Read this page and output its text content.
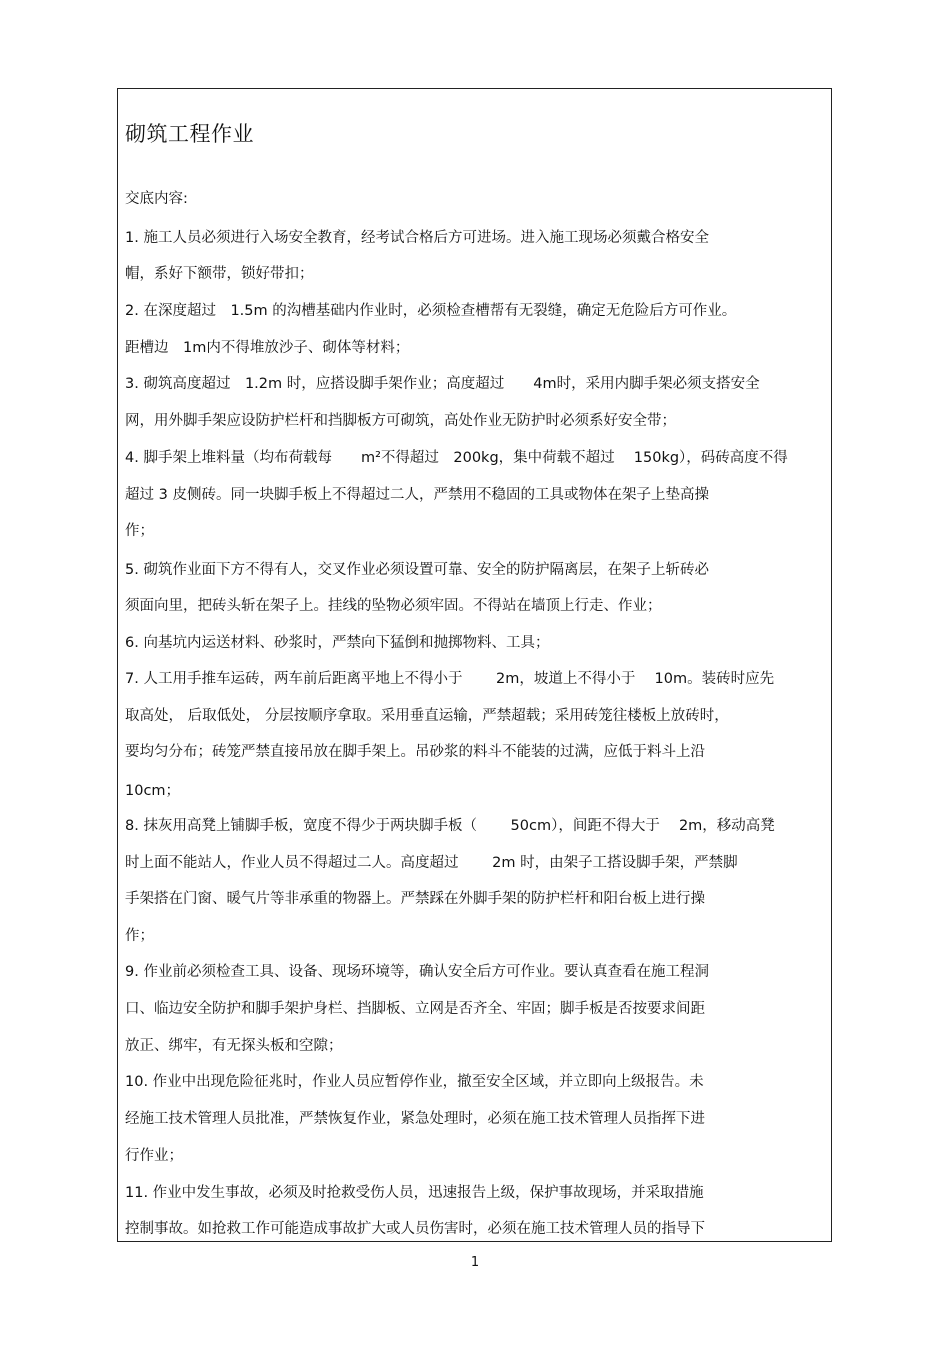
砌筑工程作业
交底内容:
1. 施工人员必须进行入场安全教育，经考试合格后方可进场。进入施工现场必须戴合格安全
帽，系好下额带，锁好带扣；
2. 在深度超过　1.5m 的沟槽基础内作业时，必须检查槽帮有无裂缝，确定无危险后方可作业。
距槽边　1m内不得堆放沙子、砌体等材料；
3. 砌筑高度超过　1.2m 时，应搭设脚手架作业；高度超过　　4m时，采用内脚手架必须支搭安全
网，用外脚手架应设防护栏杆和挡脚板方可砌筑，高处作业无防护时必须系好安全带；
4. 脚手架上堆料量（均布荷载每　　m²不得超过　200kg，集中荷载不超过　 150kg），码砖高度不得
超过 3 皮侧砖。同一块脚手板上不得超过二人，严禁用不稳固的工具或物体在架子上垫高操
作；
5. 砌筑作业面下方不得有人，交叉作业必须设置可靠、安全的防护隔离层，在架子上斩砖必
须面向里，把砖头斩在架子上。挂线的坠物必须牢固。不得站在墙顶上行走、作业；
6. 向基坑内运送材料、砂浆时，严禁向下猛倒和抛掷物料、工具；
7. 人工用手推车运砖，两车前后距离平地上不得小于　　 2m，坡道上不得小于　 10m。装砖时应先
取高处， 后取低处， 分层按顺序拿取。采用垂直运输，严禁超载；采用砖笼往楼板上放砖时，
要均匀分布；砖笼严禁直接吊放在脚手架上。吊砂浆的料斗不能装的过满，应低于料斗上沿
10cm；
8. 抹灰用高凳上铺脚手板，宽度不得少于两块脚手板（　　 50cm），间距不得大于　 2m，移动高凳
时上面不能站人，作业人员不得超过二人。高度超过　　 2m 时，由架子工搭设脚手架，严禁脚
手架搭在门窗、暖气片等非承重的物器上。严禁踩在外脚手架的防护栏杆和阳台板上进行操
作；
9. 作业前必须检查工具、设备、现场环境等，确认安全后方可作业。要认真查看在施工程洞
口、临边安全防护和脚手架护身栏、挡脚板、立网是否齐全、牢固；脚手板是否按要求间距
放正、绑牢，有无探头板和空隙；
10. 作业中出现危险征兆时，作业人员应暂停作业，撤至安全区域，并立即向上级报告。未
经施工技术管理人员批准，严禁恢复作业，紧急处理时，必须在施工技术管理人员指挥下进
行作业；
11. 作业中发生事故，必须及时抢救受伤人员，迅速报告上级，保护事故现场，并采取措施
控制事故。如抢救工作可能造成事故扩大或人员伤害时，必须在施工技术管理人员的指导下
1
